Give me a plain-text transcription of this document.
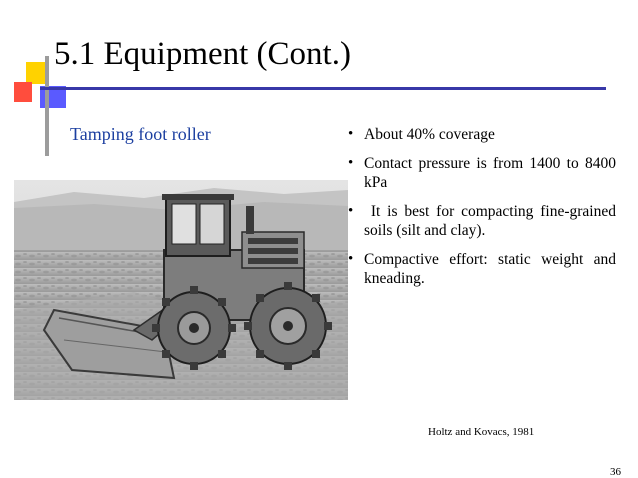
5.1 Equipment (Cont.)
Tamping foot roller	• About 40% coverage
• Contact pressure is from 1400 to 8400 kPa
• It is best for compacting fine-grained soils (silt and clay).
• Compactive effort: static weight and kneading.
Holtz and Kovacs, 1981
36
